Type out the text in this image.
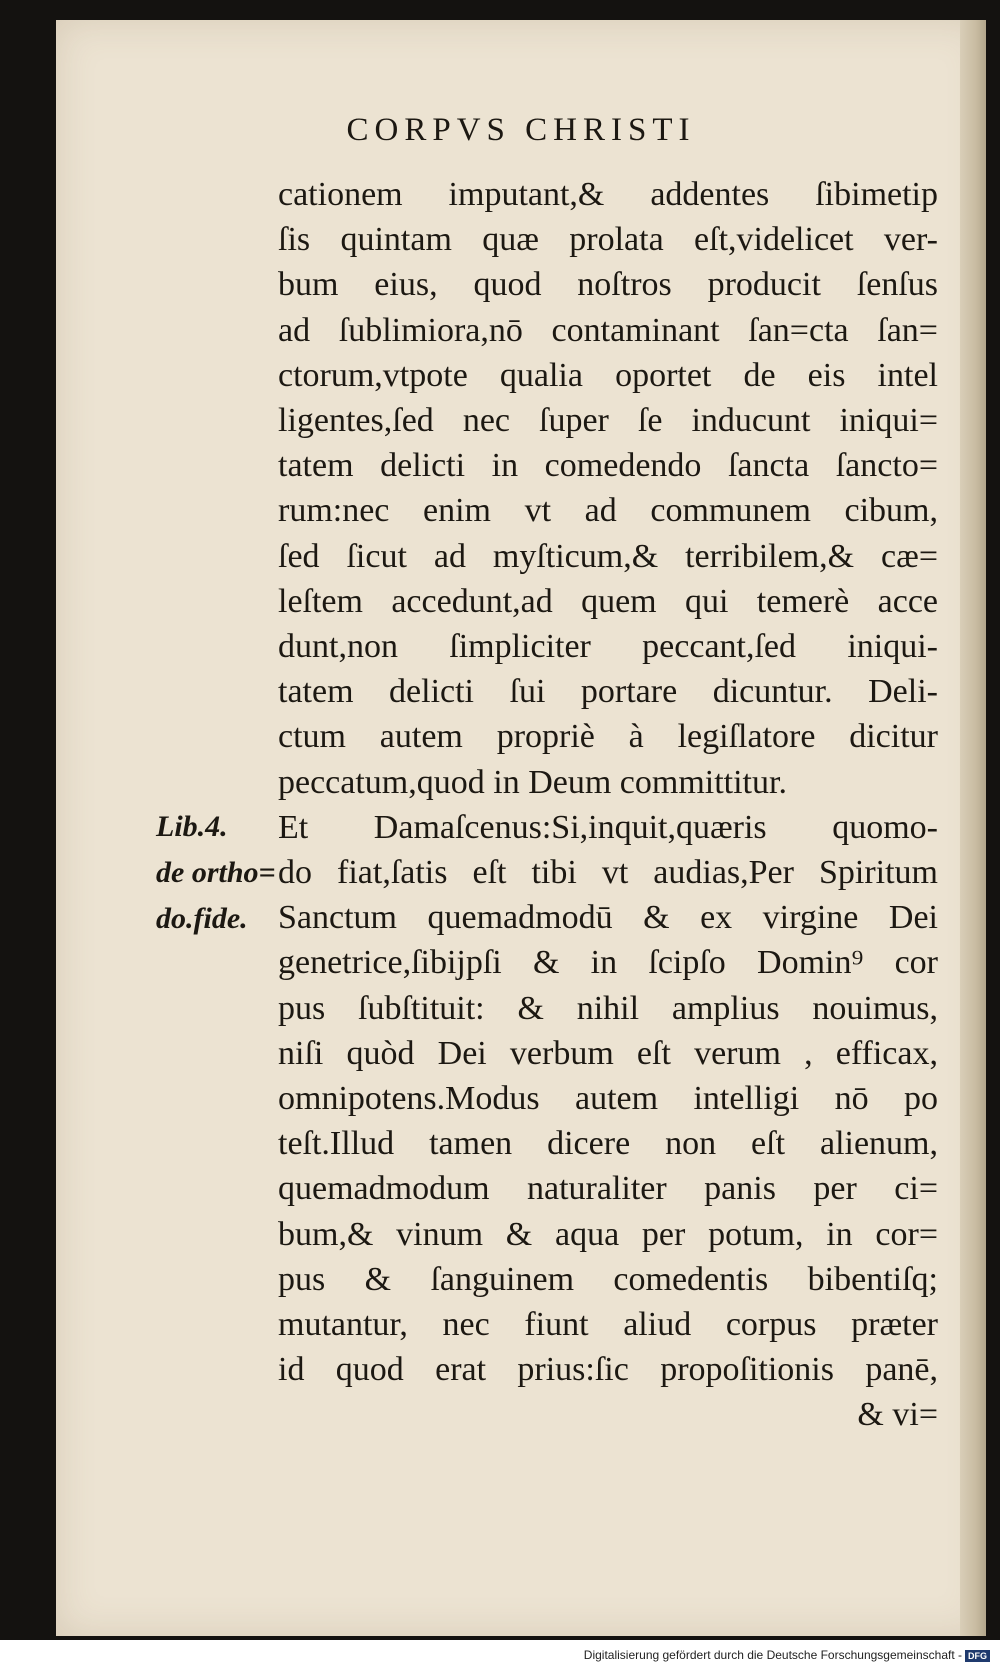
CORPVS CHRISTI
Lib.4.
de ortho=
do.fide.
cationem imputant,& addentes ſibimetip
ſis quintam quæ prolata eſt,videlicet ver-
bum eius, quod noſtros producit ſenſus
ad ſublimiora,nō contaminant ſan=cta ſan=
ctorum,vtpote qualia oportet de eis intel
ligentes,ſed nec ſuper ſe inducunt iniqui=
tatem delicti in comedendo ſancta ſancto=
rum:nec enim vt ad communem cibum,
ſed ſicut ad myſticum,& terribilem,& cæ=
leſtem accedunt,ad quem qui temerè acce
dunt,non ſimpliciter peccant,ſed iniqui-
tatem delicti ſui portare dicuntur. Deli-
ctum autem propriè à legiſlatore dicitur
peccatum,quod in Deum committitur.
Et Damaſcenus:Si,inquit,quæris quomo-
do fiat,ſatis eſt tibi vt audias,Per Spiritum
Sanctum quemadmodū & ex virgine Dei
genetrice,ſibijpſi & in ſcipſo Domin⁹ cor
pus ſubſtituit: & nihil amplius nouimus,
niſi quòd Dei verbum eſt verum , efficax,
omnipotens.Modus autem intelligi nō po
teſt.Illud tamen dicere non eſt alienum,
quemadmodum naturaliter panis per ci=
bum,& vinum & aqua per potum, in cor=
pus & ſanguinem comedentis bibentiſq;
mutantur, nec fiunt aliud corpus præter
id quod erat prius:ſic propoſitionis panē,
& vi=
Digitalisierung gefördert durch die Deutsche Forschungsgemeinschaft - DFG
